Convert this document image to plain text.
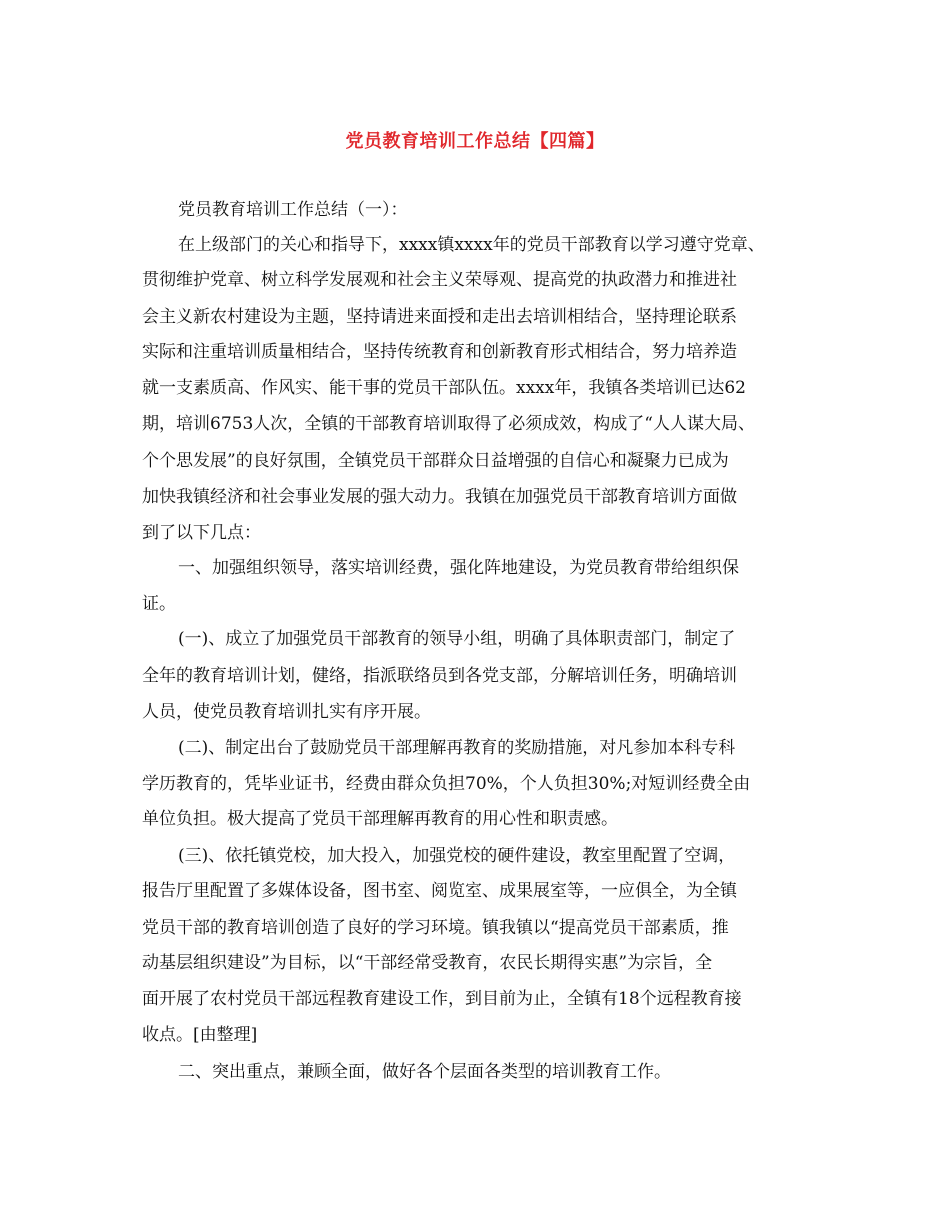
党员教育培训工作总结【四篇】
党员教育培训工作总结（一）：
在上级部门的关心和指导下，xxxx镇xxxx年的党员干部教育以学习遵守党章、
贯彻维护党章、树立科学发展观和社会主义荣辱观、提高党的执政潜力和推进社
会主义新农村建设为主题，坚持请进来面授和走出去培训相结合，坚持理论联系
实际和注重培训质量相结合，坚持传统教育和创新教育形式相结合，努力培养造
就一支素质高、作风实、能干事的党员干部队伍。xxxx年，我镇各类培训已达62
期，培训6753人次，全镇的干部教育培训取得了必须成效，构成了“人人谋大局、
个个思发展”的良好氛围，全镇党员干部群众日益增强的自信心和凝聚力已成为
加快我镇经济和社会事业发展的强大动力。我镇在加强党员干部教育培训方面做
到了以下几点：
一、加强组织领导，落实培训经费，强化阵地建设，为党员教育带给组织保
证。
(一)、成立了加强党员干部教育的领导小组，明确了具体职责部门，制定了
全年的教育培训计划，健络，指派联络员到各党支部，分解培训任务，明确培训
人员，使党员教育培训扎实有序开展。
(二)、制定出台了鼓励党员干部理解再教育的奖励措施，对凡参加本科专科
学历教育的，凭毕业证书，经费由群众负担70%，个人负担30%;对短训经费全由
单位负担。极大提高了党员干部理解再教育的用心性和职责感。
(三)、依托镇党校，加大投入，加强党校的硬件建设，教室里配置了空调，
报告厅里配置了多媒体设备，图书室、阅览室、成果展室等，一应俱全，为全镇
党员干部的教育培训创造了良好的学习环境。镇我镇以“提高党员干部素质，推
动基层组织建设”为目标，以“干部经常受教育，农民长期得实惠”为宗旨，全
面开展了农村党员干部远程教育建设工作，到目前为止，全镇有18个远程教育接
收点。[由整理]
二、突出重点，兼顾全面，做好各个层面各类型的培训教育工作。
